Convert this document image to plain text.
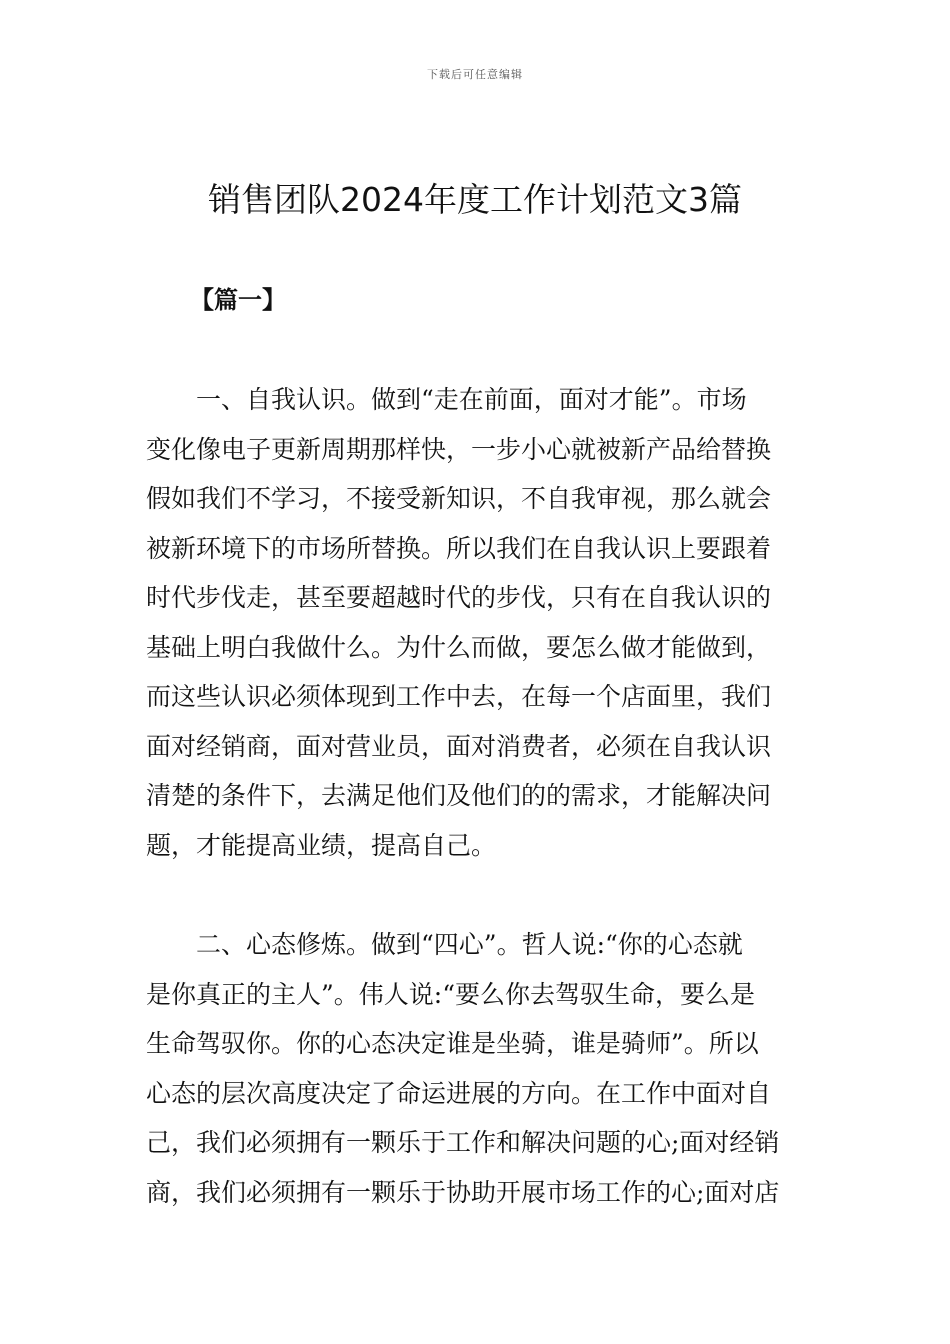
下载后可任意编辑
销售团队2024年度工作计划范文3篇
【篇一】
　　一、自我认识。做到“走在前面，面对才能”。市场
变化像电子更新周期那样快，一步小心就被新产品给替换
假如我们不学习，不接受新知识，不自我审视，那么就会
被新环境下的市场所替换。所以我们在自我认识上要跟着
时代步伐走，甚至要超越时代的步伐，只有在自我认识的
基础上明白我做什么。为什么而做，要怎么做才能做到，
而这些认识必须体现到工作中去，在每一个店面里，我们
面对经销商，面对营业员，面对消费者，必须在自我认识
清楚的条件下，去满足他们及他们的的需求，才能解决问
题，才能提高业绩，提高自己。
　　二、心态修炼。做到“四心”。哲人说:“你的心态就
是你真正的主人”。伟人说:“要么你去驾驭生命，要么是
生命驾驭你。你的心态决定谁是坐骑，谁是骑师”。所以
心态的层次高度决定了命运进展的方向。在工作中面对自
己，我们必须拥有一颗乐于工作和解决问题的心;面对经销
商，我们必须拥有一颗乐于协助开展市场工作的心;面对店
